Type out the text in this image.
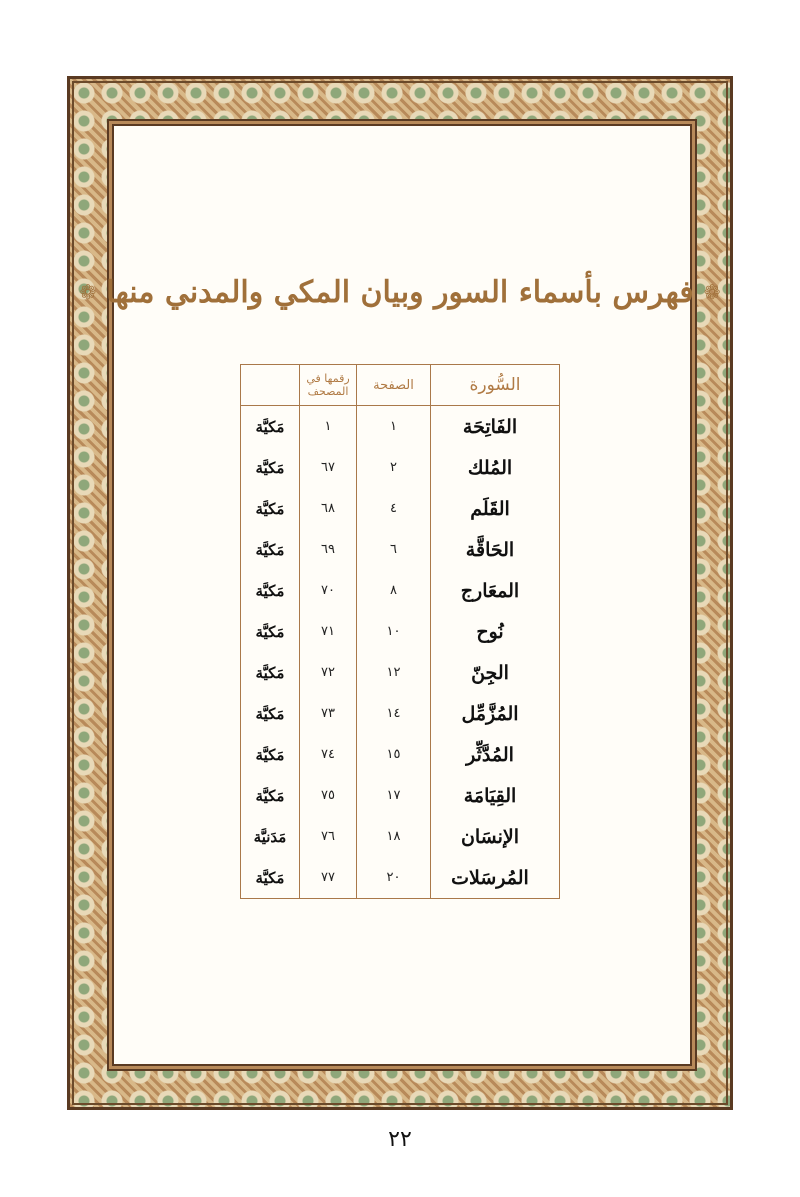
❁ فهرس بأسماء السور وبيان المكي والمدني منها ❁
السُّورة	الصفحة	رقمها في المصحف	
الفَاتِحَة	١	١	مَكيَّة
المُلك	٢	٦٧	مَكيَّة
القَلَم	٤	٦٨	مَكيَّة
الحَاقَّة	٦	٦٩	مَكيَّة
المعَارج	٨	٧٠	مَكيَّة
نُوح	١٠	٧١	مَكيَّة
الجِنّ	١٢	٧٢	مَكيَّة
المُزَّمِّل	١٤	٧٣	مَكيَّة
المُدَّثِّر	١٥	٧٤	مَكيَّة
القِيَامَة	١٧	٧٥	مَكيَّة
الإنسَان	١٨	٧٦	مَدَنيَّة
المُرسَلات	٢٠	٧٧	مَكيَّة
٢٢
